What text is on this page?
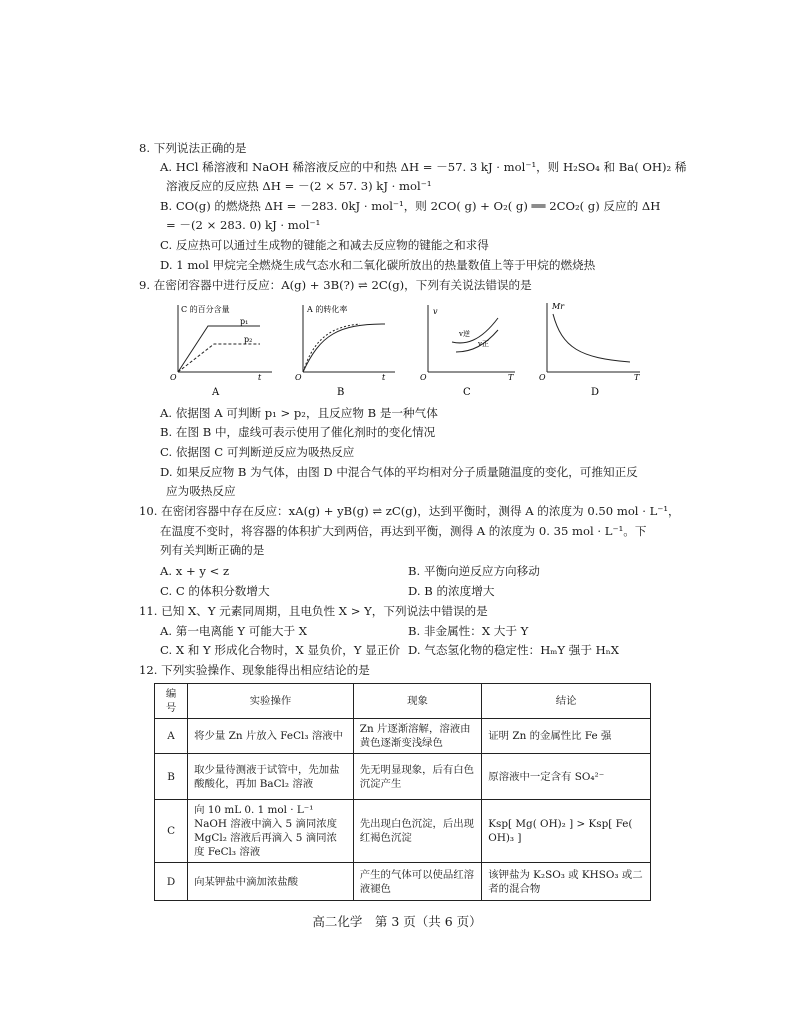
8. 下列说法正确的是
A. HCl 稀溶液和 NaOH 稀溶液反应的中和热 ΔH = －57. 3 kJ · mol⁻¹，则 H₂SO₄ 和 Ba( OH)₂ 稀
溶液反应的反应热 ΔH = －(2 × 57. 3) kJ · mol⁻¹
B. CO(g) 的燃烧热 ΔH = －283. 0kJ · mol⁻¹，则 2CO( g) + O₂( g) ══ 2CO₂( g) 反应的 ΔH
= －(2 × 283. 0) kJ · mol⁻¹
C. 反应热可以通过生成物的键能之和减去反应物的键能之和求得
D. 1 mol 甲烷完全燃烧生成气态水和二氧化碳所放出的热量数值上等于甲烷的燃烧热
9. 在密闭容器中进行反应：A(g) + 3B(?) ⇌ 2C(g)，下列有关说法错误的是
C 的百分含量
p₁
p₂
O	t
A
A 的转化率
O	t
B
v
v逆
v正
O	T
C
Mr
O	T
D
A. 依据图 A 可判断 p₁ > p₂，且反应物 B 是一种气体
B. 在图 B 中，虚线可表示使用了催化剂时的变化情况
C. 依据图 C 可判断逆反应为吸热反应
D. 如果反应物 B 为气体，由图 D 中混合气体的平均相对分子质量随温度的变化，可推知正反
应为吸热反应
10. 在密闭容器中存在反应：xA(g) + yB(g) ⇌ zC(g)，达到平衡时，测得 A 的浓度为 0.50 mol · L⁻¹，
在温度不变时，将容器的体积扩大到两倍，再达到平衡，测得 A 的浓度为 0. 35 mol · L⁻¹。下
列有关判断正确的是
A. x + y < z	B. 平衡向逆反应方向移动
C. C 的体积分数增大	D. B 的浓度增大
11. 已知 X、Y 元素同周期，且电负性 X > Y，下列说法中错误的是
A. 第一电离能 Y 可能大于 X	B. 非金属性：X 大于 Y
C. X 和 Y 形成化合物时，X 显负价，Y 显正价 D. 气态氢化物的稳定性：HₘY 强于 HₙX
12. 下列实验操作、现象能得出相应结论的是
编号	实验操作	现象	结论
A	将少量 Zn 片放入 FeCl₃ 溶液中	Zn 片逐渐溶解，溶液由黄色逐渐变浅绿色	证明 Zn 的金属性比 Fe 强
B	取少量待测液于试管中，先加盐酸酸化，再加 BaCl₂ 溶液	先无明显现象，后有白色沉淀产生	原溶液中一定含有 SO₄²⁻
C	向 10 mL 0. 1 mol · L⁻¹ NaOH 溶液中滴入 5 滴同浓度 MgCl₂ 溶液后再滴入 5 滴同浓度 FeCl₃ 溶液	先出现白色沉淀，后出现红褐色沉淀	Ksp[ Mg( OH)₂ ] > Ksp[ Fe( OH)₃ ]
D	向某钾盐中滴加浓盐酸	产生的气体可以使品红溶液褪色	该钾盐为 K₂SO₃ 或 KHSO₃ 或二者的混合物
高二化学　第 3 页（共 6 页）
